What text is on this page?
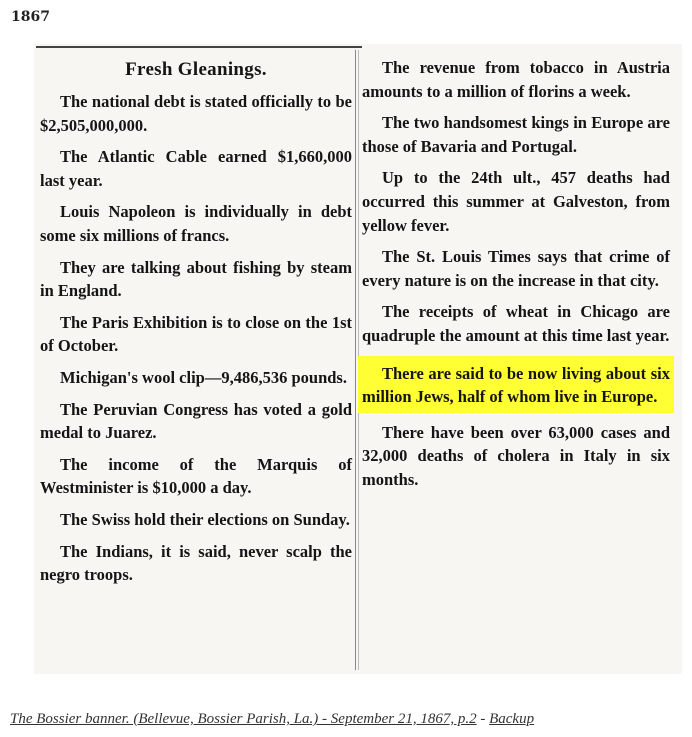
1867
Fresh Gleanings.

The national debt is stated officially to be $2,505,000,000.

The Atlantic Cable earned $1,660,000 last year.

Louis Napoleon is individually in debt some six millions of francs.

They are talking about fishing by steam in England.

The Paris Exhibition is to close on the 1st of October.

Michigan's wool clip—9,486,536 pounds.

The Peruvian Congress has voted a gold medal to Juarez.

The income of the Marquis of Westminister is $10,000 a day.

The Swiss hold their elections on Sunday.

The Indians, it is said, never scalp the negro troops.

The revenue from tobacco in Austria amounts to a million of florins a week.

The two handsomest kings in Europe are those of Bavaria and Portugal.

Up to the 24th ult., 457 deaths had occurred this summer at Galveston, from yellow fever.

The St. Louis Times says that crime of every nature is on the increase in that city.

The receipts of wheat in Chicago are quadruple the amount at this time last year.

There are said to be now living about six million Jews, half of whom live in Europe.

There have been over 63,000 cases and 32,000 deaths of cholera in Italy in six months.

The Bossier banner. (Bellevue, Bossier Parish, La.) - September 21, 1867, p.2 - Backup
